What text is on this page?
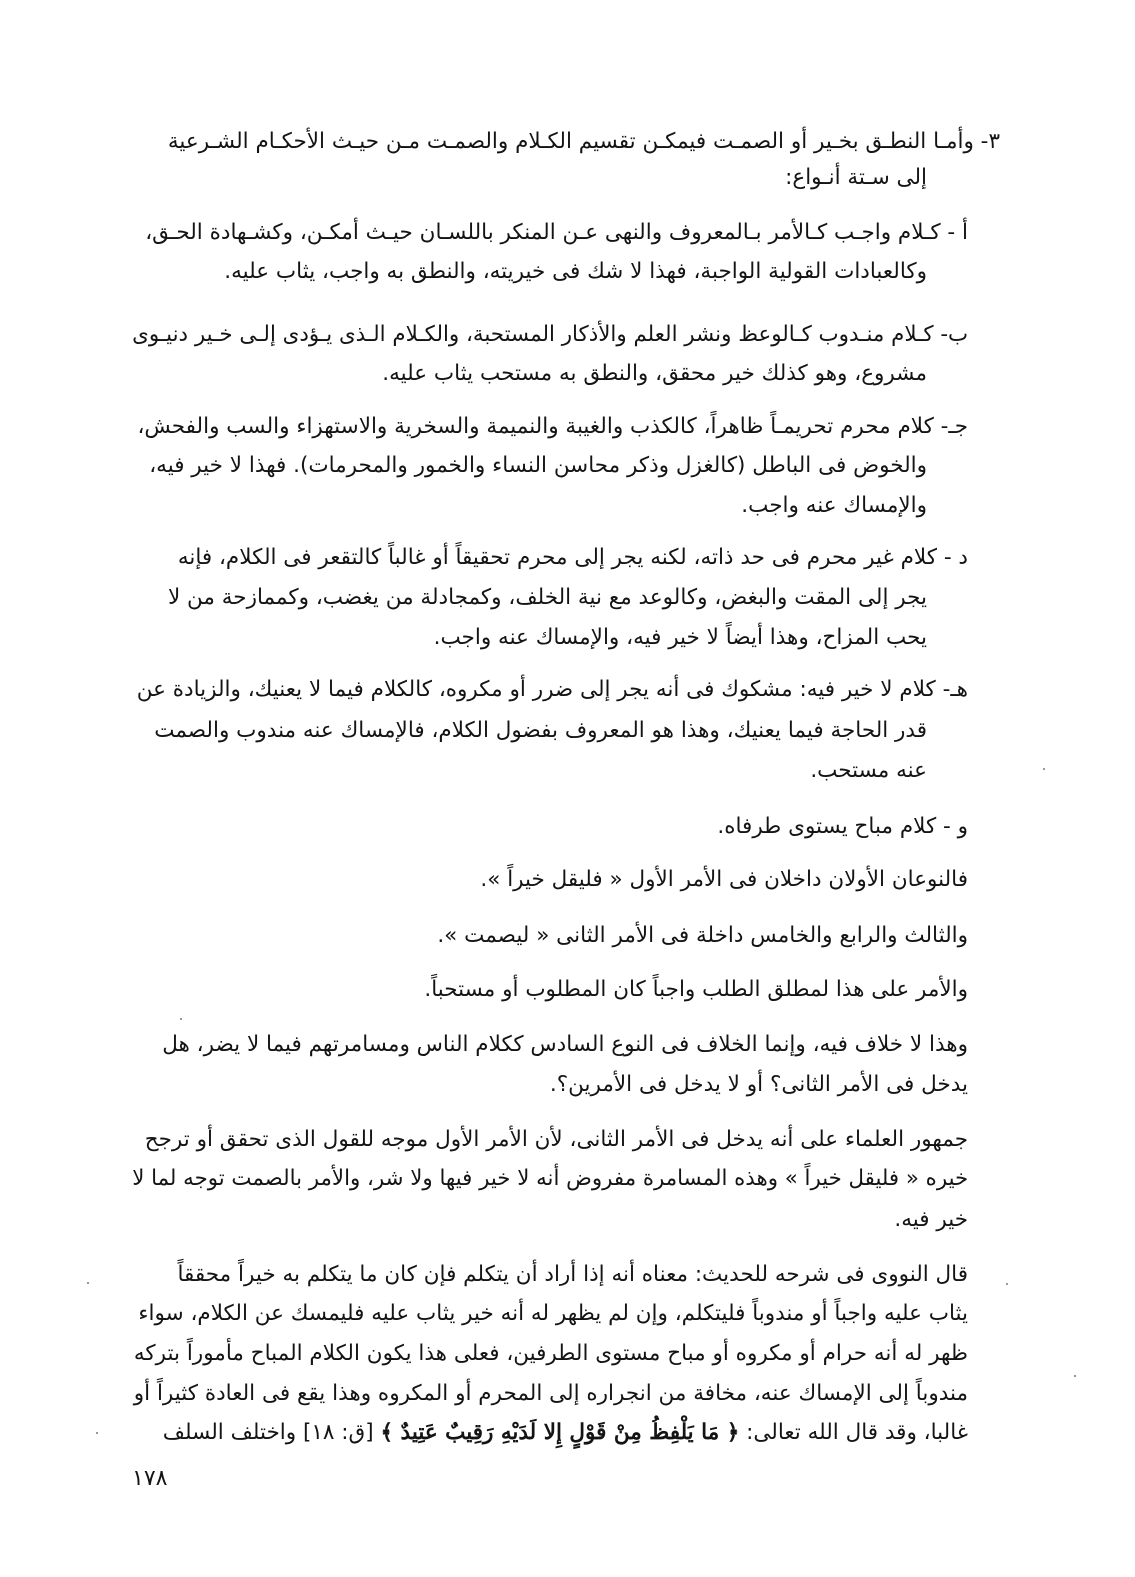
٣- وأمـا النطـق بخـير أو الصمـت فيمكـن تقسيم الكـلام والصمـت مـن حيـث الأحكـام الشـرعية
إلى سـتة أنـواع:
أ - كـلام واجـب كـالأمر بـالمعروف والنهى عـن المنكر باللسـان حيـث أمكـن، وكشـهادة الحـق،
وكالعبادات القولية الواجبة، فهذا لا شك فى خيريته، والنطق به واجب، يثاب عليه.
ب- كـلام منـدوب كـالوعظ ونشر العلم والأذكار المستحبة، والكـلام الـذى يـؤدى إلـى خـير دنيـوى
مشروع، وهو كذلك خير محقق، والنطق به مستحب يثاب عليه.
جـ- كلام محرم تحريمـاً ظاهراً، كالكذب والغيبة والنميمة والسخرية والاستهزاء والسب والفحش،
والخوض فى الباطل (كالغزل وذكر محاسن النساء والخمور والمحرمات). فهذا لا خير فيه،
والإمساك عنه واجب.
د - كلام غير محرم فى حد ذاته، لكنه يجر إلى محرم تحقيقاً أو غالباً كالتقعر فى الكلام، فإنه
يجر إلى المقت والبغض، وكالوعد مع نية الخلف، وكمجادلة من يغضب، وكممازحة من لا
يحب المزاح، وهذا أيضاً لا خير فيه، والإمساك عنه واجب.
هـ- كلام لا خير فيه: مشكوك فى أنه يجر إلى ضرر أو مكروه، كالكلام فيما لا يعنيك، والزيادة عن
قدر الحاجة فيما يعنيك، وهذا هو المعروف بفضول الكلام، فالإمساك عنه مندوب والصمت
عنه مستحب.
و - كلام مباح يستوى طرفاه.
فالنوعان الأولان داخلان فى الأمر الأول « فليقل خيراً ».
والثالث والرابع والخامس داخلة فى الأمر الثانى « ليصمت ».
والأمر على هذا لمطلق الطلب واجباً كان المطلوب أو مستحباً.
وهذا لا خلاف فيه، وإنما الخلاف فى النوع السادس ككلام الناس ومسامرتهم فيما لا يضر، هل
يدخل فى الأمر الثانى؟ أو لا يدخل فى الأمرين؟.
جمهور العلماء على أنه يدخل فى الأمر الثانى، لأن الأمر الأول موجه للقول الذى تحقق أو ترجح
خيره « فليقل خيراً » وهذه المسامرة مفروض أنه لا خير فيها ولا شر، والأمر بالصمت توجه لما لا
خير فيه.
قال النووى فى شرحه للحديث: معناه أنه إذا أراد أن يتكلم فإن كان ما يتكلم به خيراً محققاً
يثاب عليه واجباً أو مندوباً فليتكلم، وإن لم يظهر له أنه خير يثاب عليه فليمسك عن الكلام، سواء
ظهر له أنه حرام أو مكروه أو مباح مستوى الطرفين، فعلى هذا يكون الكلام المباح مأموراً بتركه
مندوباً إلى الإمساك عنه، مخافة من انجراره إلى المحرم أو المكروه وهذا يقع فى العادة كثيراً أو
غالبا، وقد قال الله تعالى: ﴿ مَا يَلْفِظُ مِنْ قَوْلٍ إِلا لَدَيْهِ رَقِيبٌ عَتِيدٌ ﴾ [ق: ١٨] واختلف السلف
١٧٨
